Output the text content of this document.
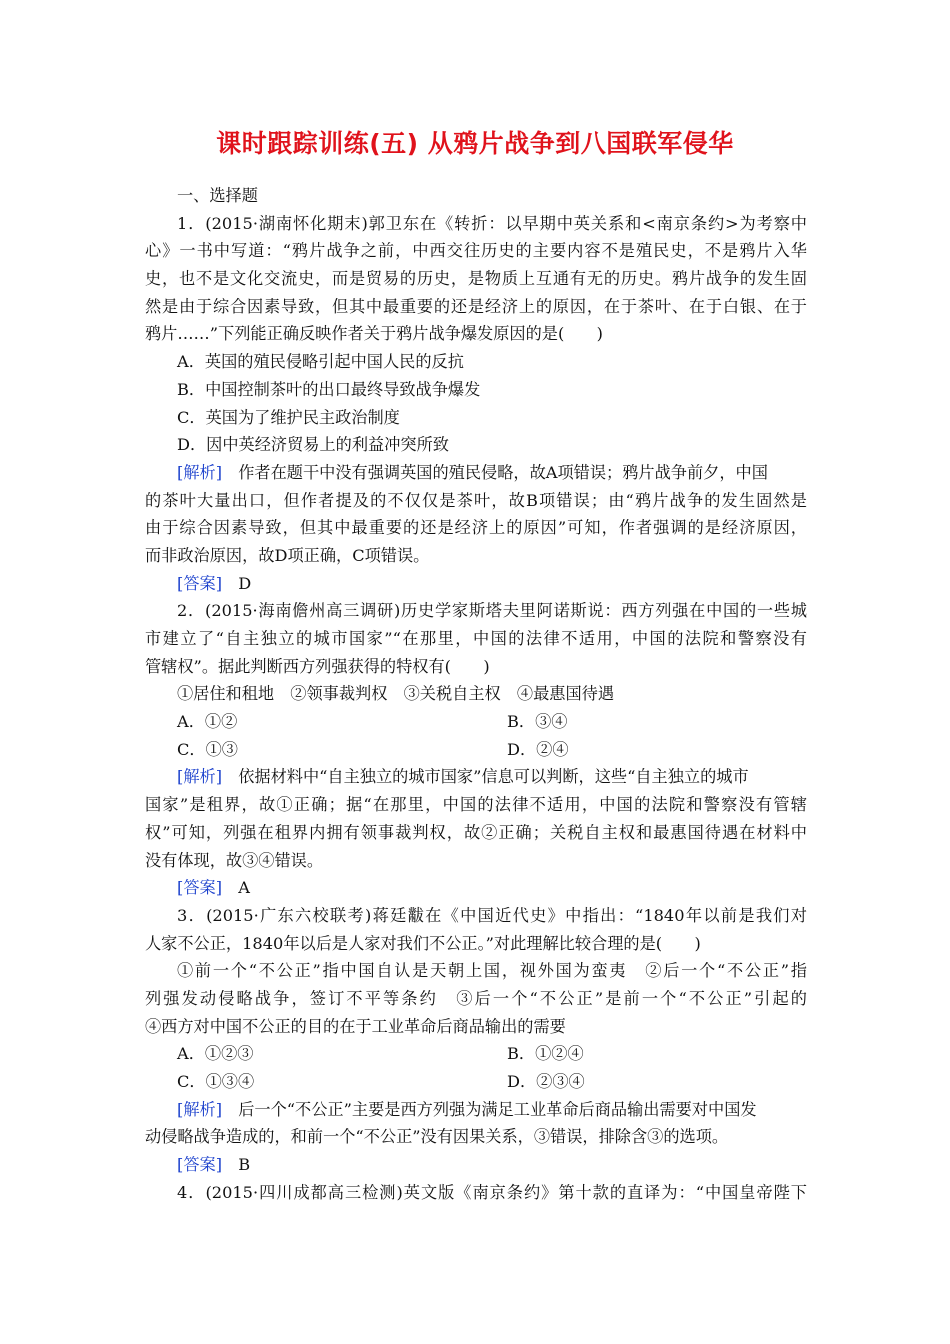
课时跟踪训练(五) 从鸦片战争到八国联军侵华
一、选择题
1．(2015·湖南怀化期末)郭卫东在《转折：以早期中英关系和<南京条约>为考察中
心》一书中写道：“鸦片战争之前，中西交往历史的主要内容不是殖民史，不是鸦片入华
史，也不是文化交流史，而是贸易的历史，是物质上互通有无的历史。鸦片战争的发生固
然是由于综合因素导致，但其中最重要的还是经济上的原因，在于茶叶、在于白银、在于
鸦片……”下列能正确反映作者关于鸦片战争爆发原因的是(　　)
A．英国的殖民侵略引起中国人民的反抗
B．中国控制茶叶的出口最终导致战争爆发
C．英国为了维护民主政治制度
D．因中英经济贸易上的利益冲突所致
[解析]　作者在题干中没有强调英国的殖民侵略，故A项错误；鸦片战争前夕，中国
的茶叶大量出口，但作者提及的不仅仅是茶叶，故B项错误；由“鸦片战争的发生固然是
由于综合因素导致，但其中最重要的还是经济上的原因”可知，作者强调的是经济原因，
而非政治原因，故D项正确，C项错误。
[答案]　D
2．(2015·海南儋州高三调研)历史学家斯塔夫里阿诺斯说：西方列强在中国的一些城
市建立了“自主独立的城市国家”“在那里，中国的法律不适用，中国的法院和警察没有
管辖权”。据此判断西方列强获得的特权有(　　)
①居住和租地　②领事裁判权　③关税自主权　④最惠国待遇
A．①②	B．③④
C．①③	D．②④
[解析]　依据材料中“自主独立的城市国家”信息可以判断，这些“自主独立的城市
国家”是租界，故①正确；据“在那里，中国的法律不适用，中国的法院和警察没有管辖
权”可知，列强在租界内拥有领事裁判权，故②正确；关税自主权和最惠国待遇在材料中
没有体现，故③④错误。
[答案]　A
3．(2015·广东六校联考)蒋廷黻在《中国近代史》中指出：“1840年以前是我们对
人家不公正，1840年以后是人家对我们不公正。”对此理解比较合理的是(　　)
①前一个“不公正”指中国自认是天朝上国，视外国为蛮夷　②后一个“不公正”指
列强发动侵略战争，签订不平等条约　③后一个“不公正”是前一个“不公正”引起的
④西方对中国不公正的目的在于工业革命后商品输出的需要
A．①②③	B．①②④
C．①③④	D．②③④
[解析]　后一个“不公正”主要是西方列强为满足工业革命后商品输出需要对中国发
动侵略战争造成的，和前一个“不公正”没有因果关系，③错误，排除含③的选项。
[答案]　B
4．(2015·四川成都高三检测)英文版《南京条约》第十款的直译为：“中国皇帝陛下
